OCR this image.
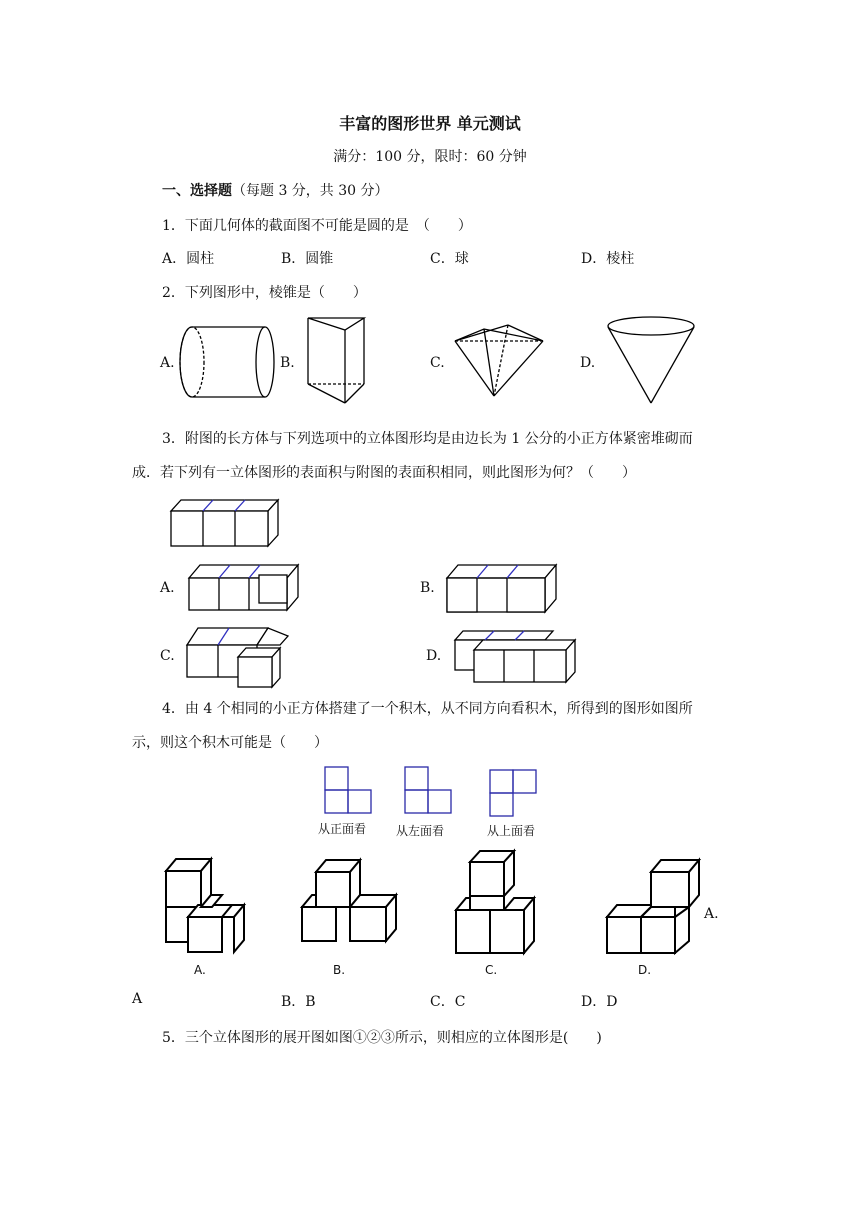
丰富的图形世界 单元测试
满分：100 分，限时：60 分钟
一、选择题（每题 3 分，共 30 分）
1．下面几何体的截面图不可能是圆的是　（　　）
A．圆柱	B．圆锥	C．球	D．棱柱
2．下列图形中，棱锥是（　　）
A.	B.	C.	D.
3．附图的长方体与下列选项中的立体图形均是由边长为 1 公分的小正方体紧密堆砌而
成．若下列有一立体图形的表面积与附图的表面积相同，则此图形为何？（　　）
A.	B.
C.	D.
4．由 4 个相同的小正方体搭建了一个积木，从不同方向看积木，所得到的图形如图所
示，则这个积木可能是（　　）
从正面看 从左面看	从上面看
A.	B.	C.	D.
A.
A	B．B	C．C	D．D
5．三个立体图形的展开图如图①②③所示，则相应的立体图形是(　　)
